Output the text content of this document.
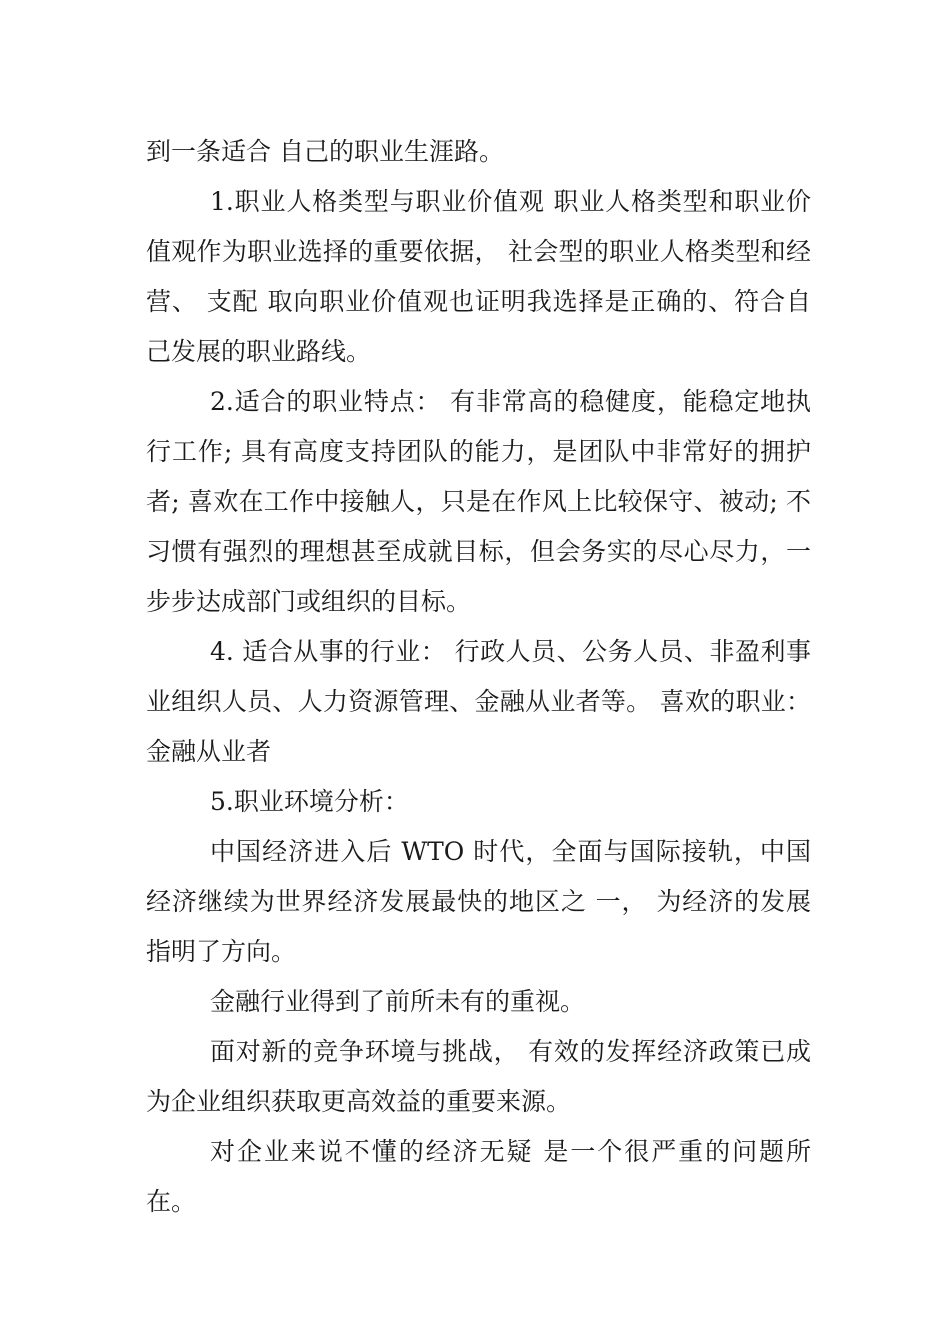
到一条适合 自己的职业生涯路。

1.职业人格类型与职业价值观 职业人格类型和职业价值观作为职业选择的重要依据， 社会型的职业人格类型和经营、 支配 取向职业价值观也证明我选择是正确的、符合自己发展的职业路线。

2.适合的职业特点： 有非常高的稳健度，能稳定地执行工作; 具有高度支持团队的能力，是团队中非常好的拥护者; 喜欢在工作中接触人，只是在作风上比较保守、被动; 不习惯有强烈的理想甚至成就目标，但会务实的尽心尽力，一步步达成部门或组织的目标。

4. 适合从事的行业： 行政人员、公务人员、非盈利事业组织人员、人力资源管理、金融从业者等。 喜欢的职业： 金融从业者

5.职业环境分析：

中国经济进入后 WTO 时代，全面与国际接轨，中国经济继续为世界经济发展最快的地区之 一， 为经济的发展指明了方向。

金融行业得到了前所未有的重视。

面对新的竞争环境与挑战， 有效的发挥经济政策已成为企业组织获取更高效益的重要来源。

对企业来说不懂的经济无疑 是一个很严重的问题所在。
